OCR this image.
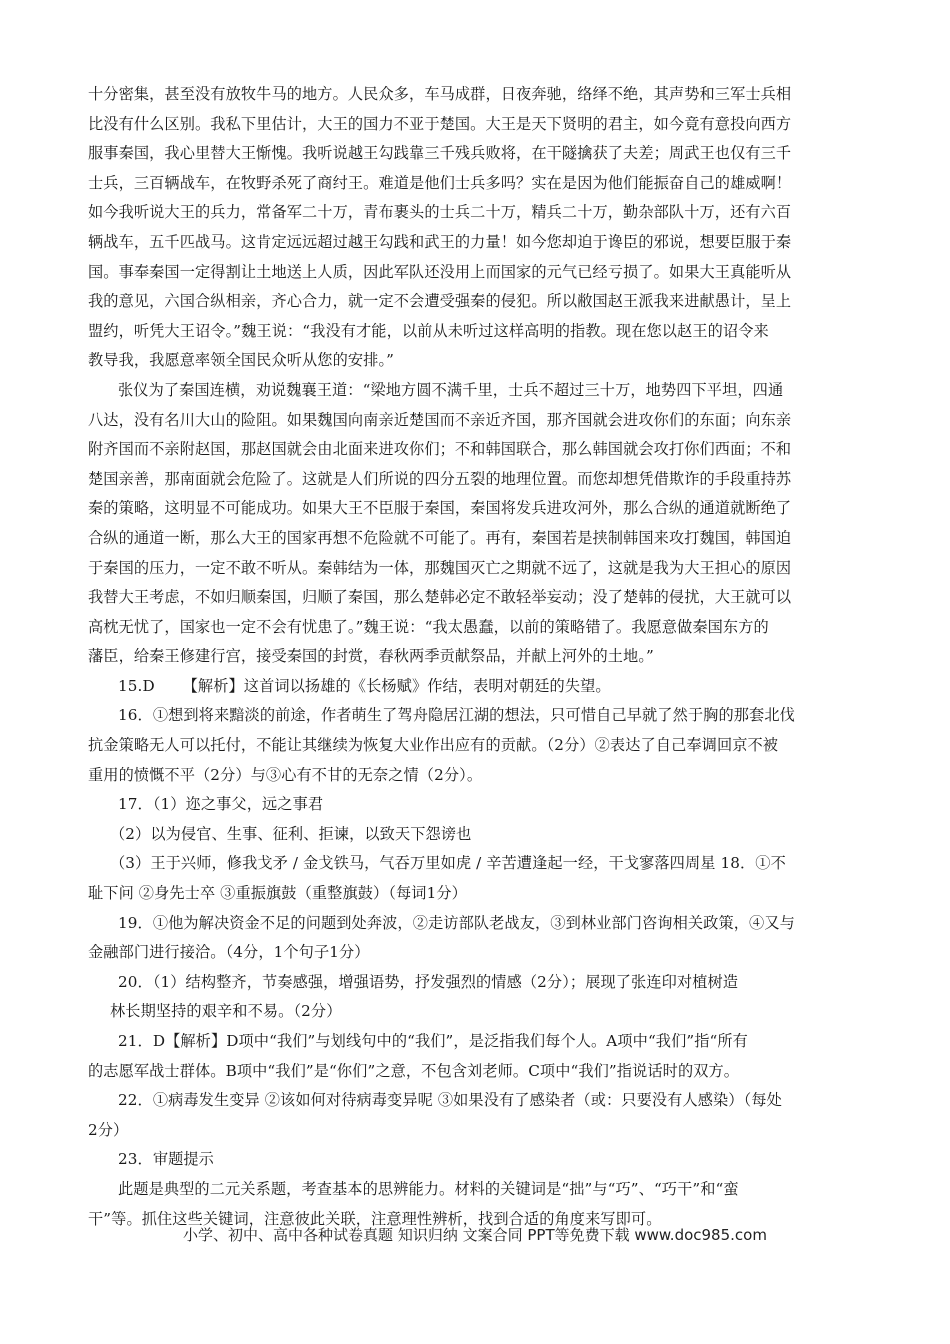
十分密集，甚至没有放牧牛马的地方。人民众多，车马成群，日夜奔驰，络绎不绝，其声势和三军士兵相
比没有什么区别。我私下里估计，大王的国力不亚于楚国。大王是天下贤明的君主，如今竟有意投向西方
服事秦国，我心里替大王惭愧。我听说越王勾践靠三千残兵败将，在干隧擒获了夫差；周武王也仅有三千
士兵，三百辆战车，在牧野杀死了商纣王。难道是他们士兵多吗？实在是因为他们能振奋自己的雄威啊！
如今我听说大王的兵力，常备军二十万，青布裹头的士兵二十万，精兵二十万，勤杂部队十万，还有六百
辆战车，五千匹战马。这肯定远远超过越王勾践和武王的力量！如今您却迫于谗臣的邪说，想要臣服于秦
国。事奉秦国一定得割让土地送上人质，因此军队还没用上而国家的元气已经亏损了。如果大王真能听从
我的意见，六国合纵相亲，齐心合力，就一定不会遭受强秦的侵犯。所以敝国赵王派我来进献愚计，呈上
盟约，听凭大王诏令。”魏王说：“我没有才能，以前从未听过这样高明的指教。现在您以赵王的诏令来
教导我，我愿意率领全国民众听从您的安排。”
张仪为了秦国连横，劝说魏襄王道：“梁地方圆不满千里，士兵不超过三十万，地势四下平坦，四通
八达，没有名川大山的险阻。如果魏国向南亲近楚国而不亲近齐国，那齐国就会进攻你们的东面；向东亲
附齐国而不亲附赵国，那赵国就会由北面来进攻你们；不和韩国联合，那么韩国就会攻打你们西面；不和
楚国亲善，那南面就会危险了。这就是人们所说的四分五裂的地理位置。而您却想凭借欺诈的手段重持苏
秦的策略，这明显不可能成功。如果大王不臣服于秦国，秦国将发兵进攻河外，那么合纵的通道就断绝了
合纵的通道一断，那么大王的国家再想不危险就不可能了。再有，秦国若是挟制韩国来攻打魏国，韩国迫
于秦国的压力，一定不敢不听从。秦韩结为一体，那魏国灭亡之期就不远了，这就是我为大王担心的原因
我替大王考虑，不如归顺秦国，归顺了秦国，那么楚韩必定不敢轻举妄动；没了楚韩的侵扰，大王就可以
高枕无忧了，国家也一定不会有忧患了。”魏王说：“我太愚蠢，以前的策略错了。我愿意做秦国东方的
藩臣，给秦王修建行宫，接受秦国的封赏，春秋两季贡献祭品，并献上河外的土地。”
15.D 　　【解析】这首词以扬雄的《长杨赋》作结，表明对朝廷的失望。
16．①想到将来黯淡的前途，作者萌生了驾舟隐居江湖的想法，只可惜自己早就了然于胸的那套北伐
抗金策略无人可以托付，不能让其继续为恢复大业作出应有的贡献。（2分）②表达了自己奉调回京不被
重用的愤慨不平（2分）与③心有不甘的无奈之情（2分）。
17．（1）迩之事父，远之事君
（2）以为侵官、生事、征利、拒谏，以致天下怨谤也
（3）王于兴师，修我戈矛 / 金戈铁马，气吞万里如虎 / 辛苦遭逢起一经，干戈寥落四周星 18．①不
耻下问 ②身先士卒 ③重振旗鼓（重整旗鼓）（每词1分）
19．①他为解决资金不足的问题到处奔波，②走访部队老战友，③到林业部门咨询相关政策，④又与
金融部门进行接洽。（4分，1个句子1分）
20．（1）结构整齐，节奏感强，增强语势，抒发强烈的情感（2分）；展现了张连印对植树造
林长期坚持的艰辛和不易。（2分）
21．D【解析】D项中“我们”与划线句中的“我们”，是泛指我们每个人。A项中“我们”指“所有
的志愿军战士群体。B项中“我们”是“你们”之意，不包含刘老师。C项中“我们”指说话时的双方。
22．①病毒发生变异 ②该如何对待病毒变异呢 ③如果没有了感染者（或：只要没有人感染）（每处
2分）
23．审题提示
此题是典型的二元关系题，考查基本的思辨能力。材料的关键词是“拙”与“巧”、“巧干”和“蛮
干”等。抓住这些关键词，注意彼此关联，注意理性辨析，找到合适的角度来写即可。
小学、初中、高中各种试卷真题 知识归纳 文案合同 PPT等免费下载 www.doc985.com
